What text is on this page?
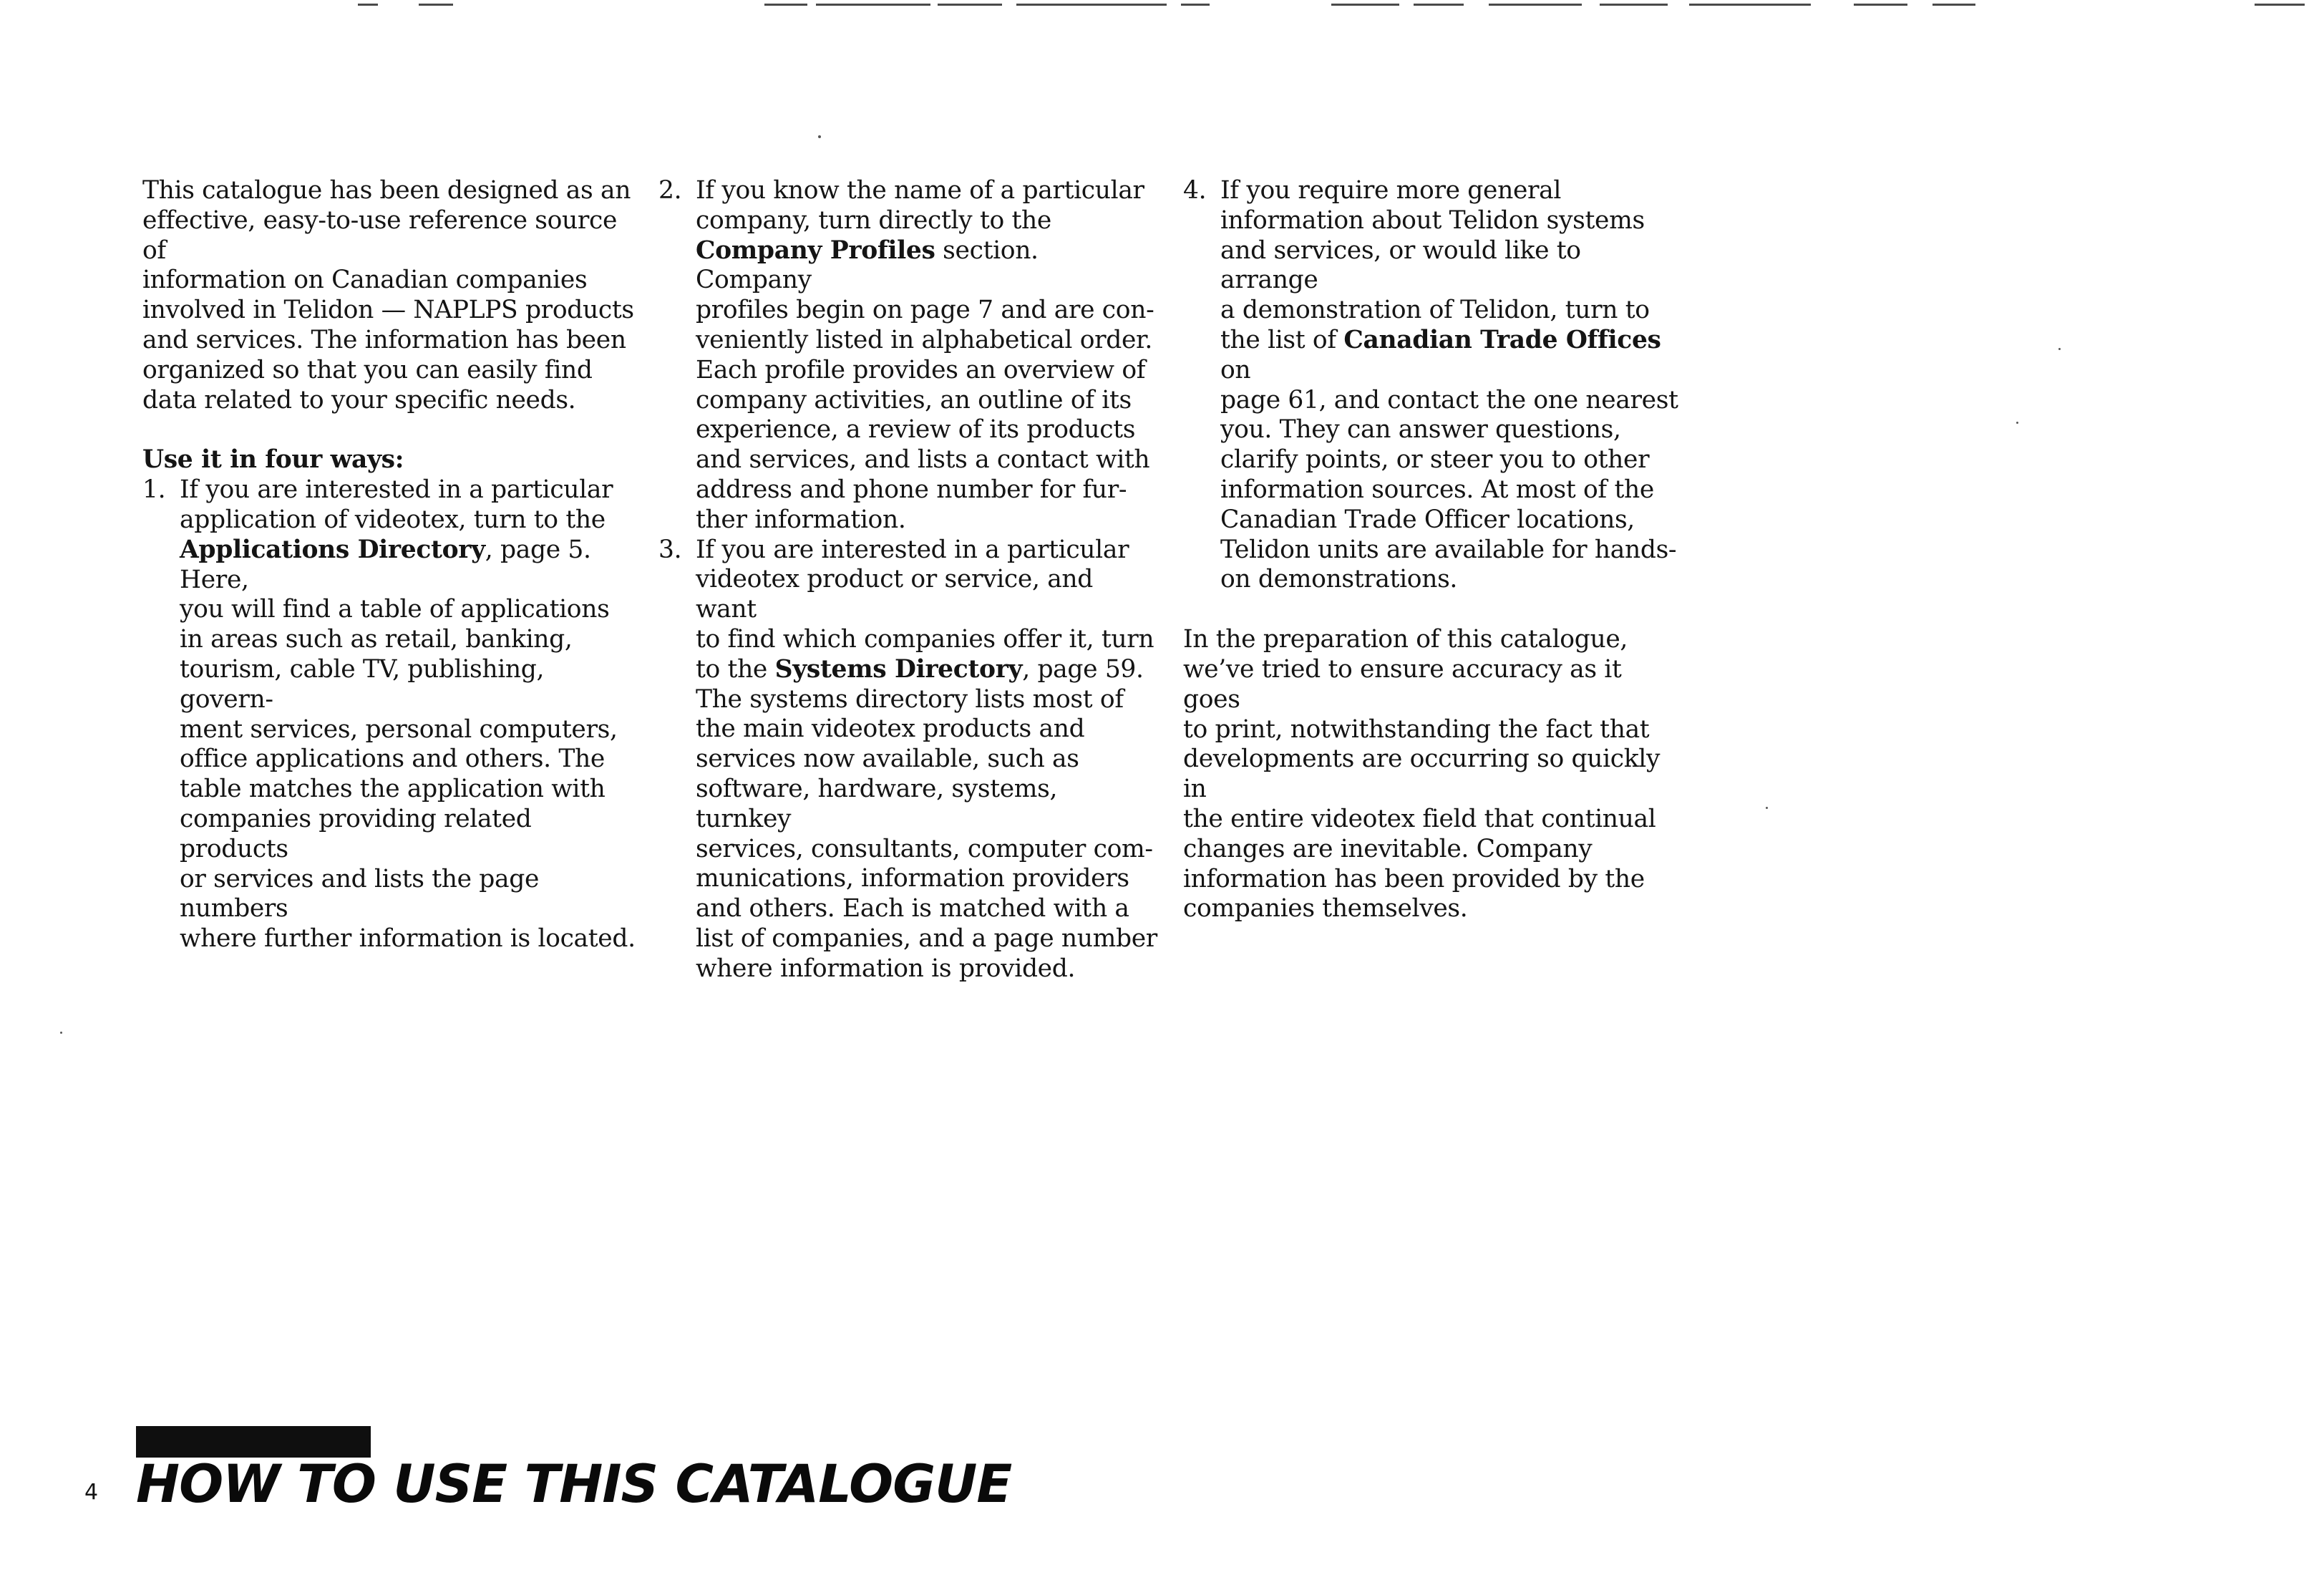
This catalogue has been designed as an
effective, easy-to-use reference source of
information on Canadian companies
involved in Telidon — NAPLPS products
and services. The information has been
organized so that you can easily find
data related to your specific needs.

Use it in four ways:

1. If you are interested in a particular
application of videotex, turn to the
Applications Directory, page 5. Here,
you will find a table of applications
in areas such as retail, banking,
tourism, cable TV, publishing, govern-
ment services, personal computers,
office applications and others. The
table matches the application with
companies providing related products
or services and lists the page numbers
where further information is located.
2. If you know the name of a particular
company, turn directly to the
Company Profiles section. Company
profiles begin on page 7 and are con-
veniently listed in alphabetical order.
Each profile provides an overview of
company activities, an outline of its
experience, a review of its products
and services, and lists a contact with
address and phone number for fur-
ther information.
3. If you are interested in a particular
videotex product or service, and want
to find which companies offer it, turn
to the Systems Directory, page 59.
The systems directory lists most of
the main videotex products and
services now available, such as
software, hardware, systems, turnkey
services, consultants, computer com-
munications, information providers
and others. Each is matched with a
list of companies, and a page number
where information is provided.
4. If you require more general
information about Telidon systems
and services, or would like to arrange
a demonstration of Telidon, turn to
the list of Canadian Trade Offices on
page 61, and contact the one nearest
you. They can answer questions,
clarify points, or steer you to other
information sources. At most of the
Canadian Trade Officer locations,
Telidon units are available for hands-
on demonstrations.

In the preparation of this catalogue,
we’ve tried to ensure accuracy as it goes
to print, notwithstanding the fact that
developments are occurring so quickly in
the entire videotex field that continual
changes are inevitable. Company
information has been provided by the
companies themselves.

4 HOW TO USE THIS CATALOGUE
